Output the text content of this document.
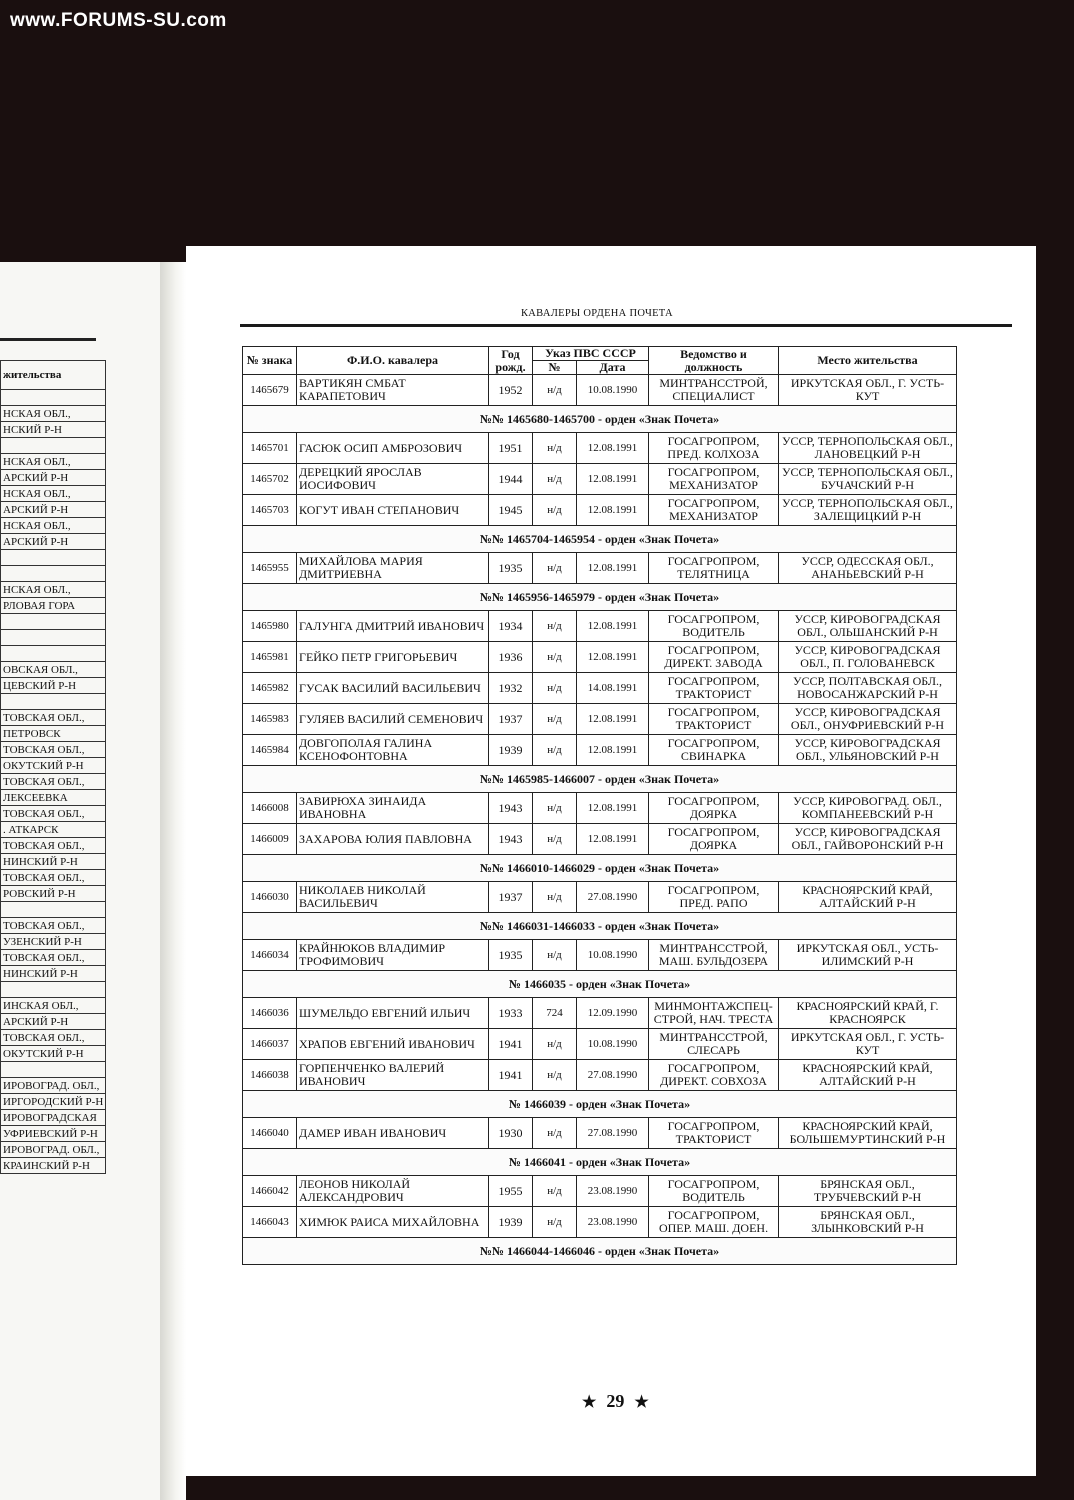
www.FORUMS-SU.com
жительства

НСКАЯ ОБЛ.,
НСКИЙ Р-Н

НСКАЯ ОБЛ.,
АРСКИЙ Р-Н
НСКАЯ ОБЛ.,
АРСКИЙ Р-Н
НСКАЯ ОБЛ.,
АРСКИЙ Р-Н

НСКАЯ ОБЛ.,
РЛОВАЯ ГОРА

ОВСКАЯ ОБЛ.,
ЦЕВСКИЙ Р-Н

ТОВСКАЯ ОБЛ.,
ПЕТРОВСК
ТОВСКАЯ ОБЛ.,
ОКУТСКИЙ Р-Н
ТОВСКАЯ ОБЛ.,
ЛЕКСЕЕВКА
ТОВСКАЯ ОБЛ.,
. АТКАРСК
ТОВСКАЯ ОБЛ.,
НИНСКИЙ Р-Н
ТОВСКАЯ ОБЛ.,
РОВСКИЙ Р-Н

ТОВСКАЯ ОБЛ.,
УЗЕНСКИЙ Р-Н
ТОВСКАЯ ОБЛ.,
НИНСКИЙ Р-Н

ИНСКАЯ ОБЛ.,
АРСКИЙ Р-Н
ТОВСКАЯ ОБЛ.,
ОКУТСКИЙ Р-Н

ИРОВОГРАД. ОБЛ.,
ИРГОРОДСКИЙ Р-Н
ИРОВОГРАДСКАЯ
УФРИЕВСКИЙ Р-Н
ИРОВОГРАД. ОБЛ.,
КРАИНСКИЙ Р-Н
КАВАЛЕРЫ ОРДЕНА ПОЧЕТА
№ знака	Ф.И.О. кавалера	Год рожд.	Указ ПВС СССР		Ведомство и должность	Место жительства
			№	Дата		
1465679	ВАРТИКЯН СМБАТ КАРАПЕТОВИЧ	1952	н/д	10.08.1990	МИНТРАНССТРОЙ, СПЕЦИАЛИСТ	ИРКУТСКАЯ ОБЛ., Г. УСТЬ-КУТ
№№ 1465680-1465700 - орден «Знак Почета»						
1465701	ГАСЮК ОСИП АМБРОЗОВИЧ	1951	н/д	12.08.1991	ГОСАГРОПРОМ, ПРЕД. КОЛХОЗА	УССР, ТЕРНОПОЛЬСКАЯ ОБЛ., ЛАНОВЕЦКИЙ Р-Н
1465702	ДЕРЕЦКИЙ ЯРОСЛАВ ИОСИФОВИЧ	1944	н/д	12.08.1991	ГОСАГРОПРОМ, МЕХАНИЗАТОР	УССР, ТЕРНОПОЛЬСКАЯ ОБЛ., БУЧАЧСКИЙ Р-Н
1465703	КОГУТ ИВАН СТЕПАНОВИЧ	1945	н/д	12.08.1991	ГОСАГРОПРОМ, МЕХАНИЗАТОР	УССР, ТЕРНОПОЛЬСКАЯ ОБЛ., ЗАЛЕЩИЦКИЙ Р-Н
№№ 1465704-1465954 - орден «Знак Почета»						
1465955	МИХАЙЛОВА МАРИЯ ДМИТРИЕВНА	1935	н/д	12.08.1991	ГОСАГРОПРОМ, ТЕЛЯТНИЦА	УССР, ОДЕССКАЯ ОБЛ., АНАНЬЕВСКИЙ Р-Н
№№ 1465956-1465979 - орден «Знак Почета»						
1465980	ГАЛУНГА ДМИТРИЙ ИВАНОВИЧ	1934	н/д	12.08.1991	ГОСАГРОПРОМ, ВОДИТЕЛЬ	УССР, КИРОВОГРАДСКАЯ ОБЛ., ОЛЬШАНСКИЙ Р-Н
1465981	ГЕЙКО ПЕТР ГРИГОРЬЕВИЧ	1936	н/д	12.08.1991	ГОСАГРОПРОМ, ДИРЕКТ. ЗАВОДА	УССР, КИРОВОГРАДСКАЯ ОБЛ., П. ГОЛОВАНЕВСК
1465982	ГУСАК ВАСИЛИЙ ВАСИЛЬЕВИЧ	1932	н/д	14.08.1991	ГОСАГРОПРОМ, ТРАКТОРИСТ	УССР, ПОЛТАВСКАЯ ОБЛ., НОВОСАНЖАРСКИЙ Р-Н
1465983	ГУЛЯЕВ ВАСИЛИЙ СЕМЕНОВИЧ	1937	н/д	12.08.1991	ГОСАГРОПРОМ, ТРАКТОРИСТ	УССР, КИРОВОГРАДСКАЯ ОБЛ., ОНУФРИЕВСКИЙ Р-Н
1465984	ДОВГОПОЛАЯ ГАЛИНА КСЕНОФОНТОВНА	1939	н/д	12.08.1991	ГОСАГРОПРОМ, СВИНАРКА	УССР, КИРОВОГРАДСКАЯ ОБЛ., УЛЬЯНОВСКИЙ Р-Н
№№ 1465985-1466007 - орден «Знак Почета»						
1466008	ЗАВИРЮХА ЗИНАИДА ИВАНОВНА	1943	н/д	12.08.1991	ГОСАГРОПРОМ, ДОЯРКА	УССР, КИРОВОГРАД. ОБЛ., КОМПАНЕЕВСКИЙ Р-Н
1466009	ЗАХАРОВА ЮЛИЯ ПАВЛОВНА	1943	н/д	12.08.1991	ГОСАГРОПРОМ, ДОЯРКА	УССР, КИРОВОГРАДСКАЯ ОБЛ., ГАЙВОРОНСКИЙ Р-Н
№№ 1466010-1466029 - орден «Знак Почета»						
1466030	НИКОЛАЕВ НИКОЛАЙ ВАСИЛЬЕВИЧ	1937	н/д	27.08.1990	ГОСАГРОПРОМ, ПРЕД. РАПО	КРАСНОЯРСКИЙ КРАЙ, АЛТАЙСКИЙ Р-Н
№№ 1466031-1466033 - орден «Знак Почета»						
1466034	КРАЙНЮКОВ ВЛАДИМИР ТРОФИМОВИЧ	1935	н/д	10.08.1990	МИНТРАНССТРОЙ, МАШ. БУЛЬДОЗЕРА	ИРКУТСКАЯ ОБЛ., УСТЬ-ИЛИМСКИЙ Р-Н
№ 1466035 - орден «Знак Почета»						
1466036	ШУМЕЛЬДО ЕВГЕНИЙ ИЛЬИЧ	1933	724	12.09.1990	МИНМОНТАЖСПЕЦ-СТРОЙ, НАЧ. ТРЕСТА	КРАСНОЯРСКИЙ КРАЙ, Г. КРАСНОЯРСК
1466037	ХРАПОВ ЕВГЕНИЙ ИВАНОВИЧ	1941	н/д	10.08.1990	МИНТРАНССТРОЙ, СЛЕСАРЬ	ИРКУТСКАЯ ОБЛ., Г. УСТЬ-КУТ
1466038	ГОРПЕНЧЕНКО ВАЛЕРИЙ ИВАНОВИЧ	1941	н/д	27.08.1990	ГОСАГРОПРОМ, ДИРЕКТ. СОВХОЗА	КРАСНОЯРСКИЙ КРАЙ, АЛТАЙСКИЙ Р-Н
№ 1466039 - орден «Знак Почета»						
1466040	ДАМЕР ИВАН ИВАНОВИЧ	1930	н/д	27.08.1990	ГОСАГРОПРОМ, ТРАКТОРИСТ	КРАСНОЯРСКИЙ КРАЙ, БОЛЬШЕМУРТИНСКИЙ Р-Н
№ 1466041 - орден «Знак Почета»						
1466042	ЛЕОНОВ НИКОЛАЙ АЛЕКСАНДРОВИЧ	1955	н/д	23.08.1990	ГОСАГРОПРОМ, ВОДИТЕЛЬ	БРЯНСКАЯ ОБЛ., ТРУБЧЕВСКИЙ Р-Н
1466043	ХИМЮК РАИСА МИХАЙЛОВНА	1939	н/д	23.08.1990	ГОСАГРОПРОМ, ОПЕР. МАШ. ДОЕН.	БРЯНСКАЯ ОБЛ., ЗЛЫНКОВСКИЙ Р-Н
№№ 1466044-1466046 - орден «Знак Почета»						
★ 29 ★
